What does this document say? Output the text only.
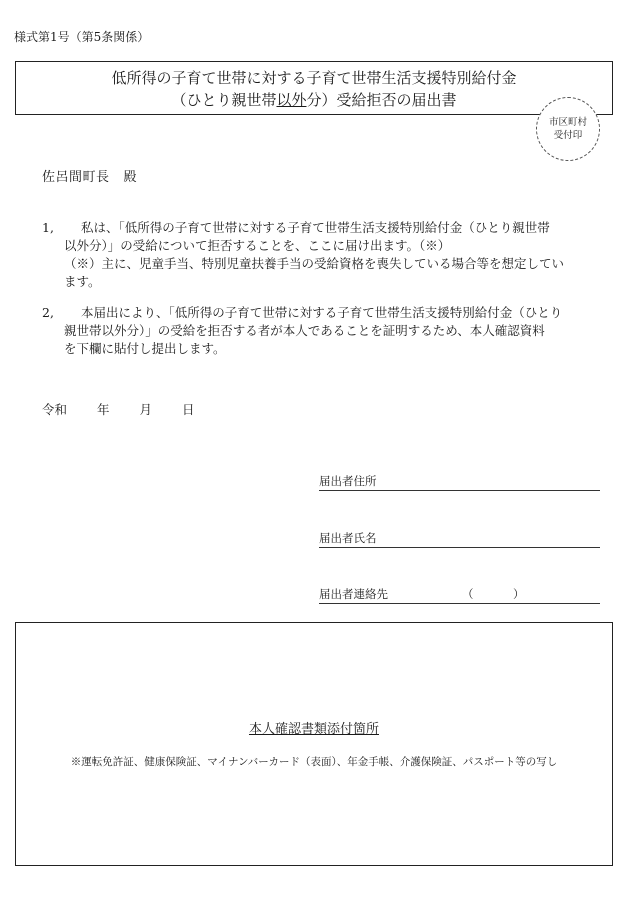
様式第1号（第5条関係）
低所得の子育て世帯に対する子育て世帯生活支援特別給付金
（ひとり親世帯以外分）受給拒否の届出書
市区町村
受付印
佐呂間町長 殿
1,	私は、「低所得の子育て世帯に対する子育て世帯生活支援特別給付金（ひとり親世帯
以外分）」の受給について拒否することを、ここに届け出ます。（※）
（※）主に、児童手当、特別児童扶養手当の受給資格を喪失している場合等を想定してい
ます。
2,	本届出により、「低所得の子育て世帯に対する子育て世帯生活支援特別給付金（ひとり
親世帯以外分）」の受給を拒否する者が本人であることを証明するため、本人確認資料
を下欄に貼付し提出します。
令和 年 月 日
届出者住所
届出者氏名
届出者連絡先	（	）
本人確認書類添付箇所
※運転免許証、健康保険証、マイナンバーカード（表面）、年金手帳、介護保険証、パスポート等の写し
